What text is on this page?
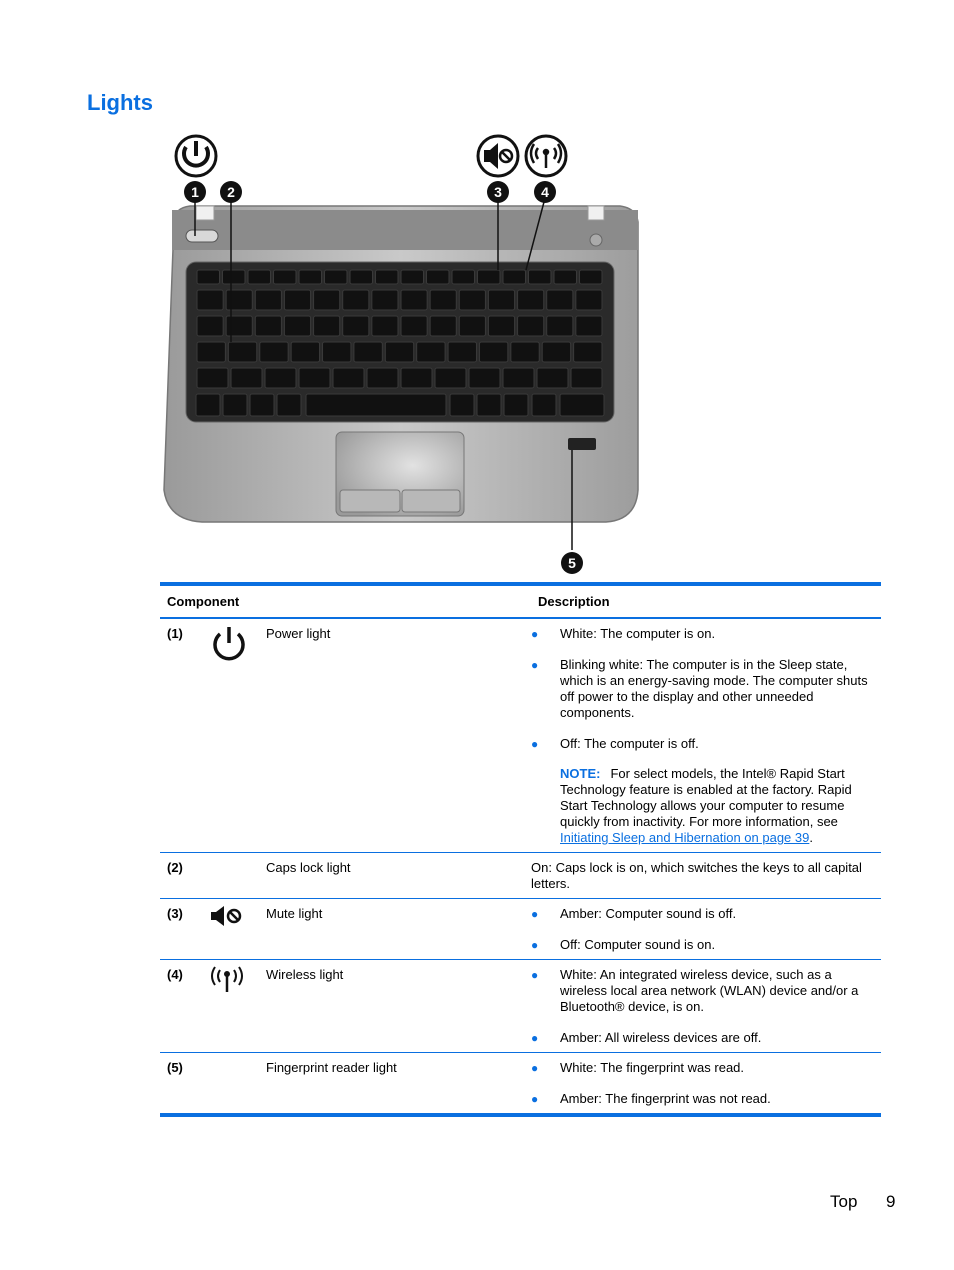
Lights
1 2	3	4
5
Component	Description
(1)	Power light	● White: The computer is on.
● Blinking white: The computer is in the Sleep state, which is an energy-saving mode. The computer shuts off power to the display and other unneeded components.
● Off: The computer is off.
NOTE: For select models, the Intel® Rapid Start Technology feature is enabled at the factory. Rapid Start Technology allows your computer to resume quickly from inactivity. For more information, see Initiating Sleep and Hibernation on page 39.
(2)	Caps lock light	On: Caps lock is on, which switches the keys to all capital letters.
(3)	Mute light	● Amber: Computer sound is off.
● Off: Computer sound is on.
(4)	Wireless light	● White: An integrated wireless device, such as a wireless local area network (WLAN) device and/or a Bluetooth® device, is on.
● Amber: All wireless devices are off.
(5)	Fingerprint reader light	● White: The fingerprint was read.
● Amber: The fingerprint was not read.
Top 9
